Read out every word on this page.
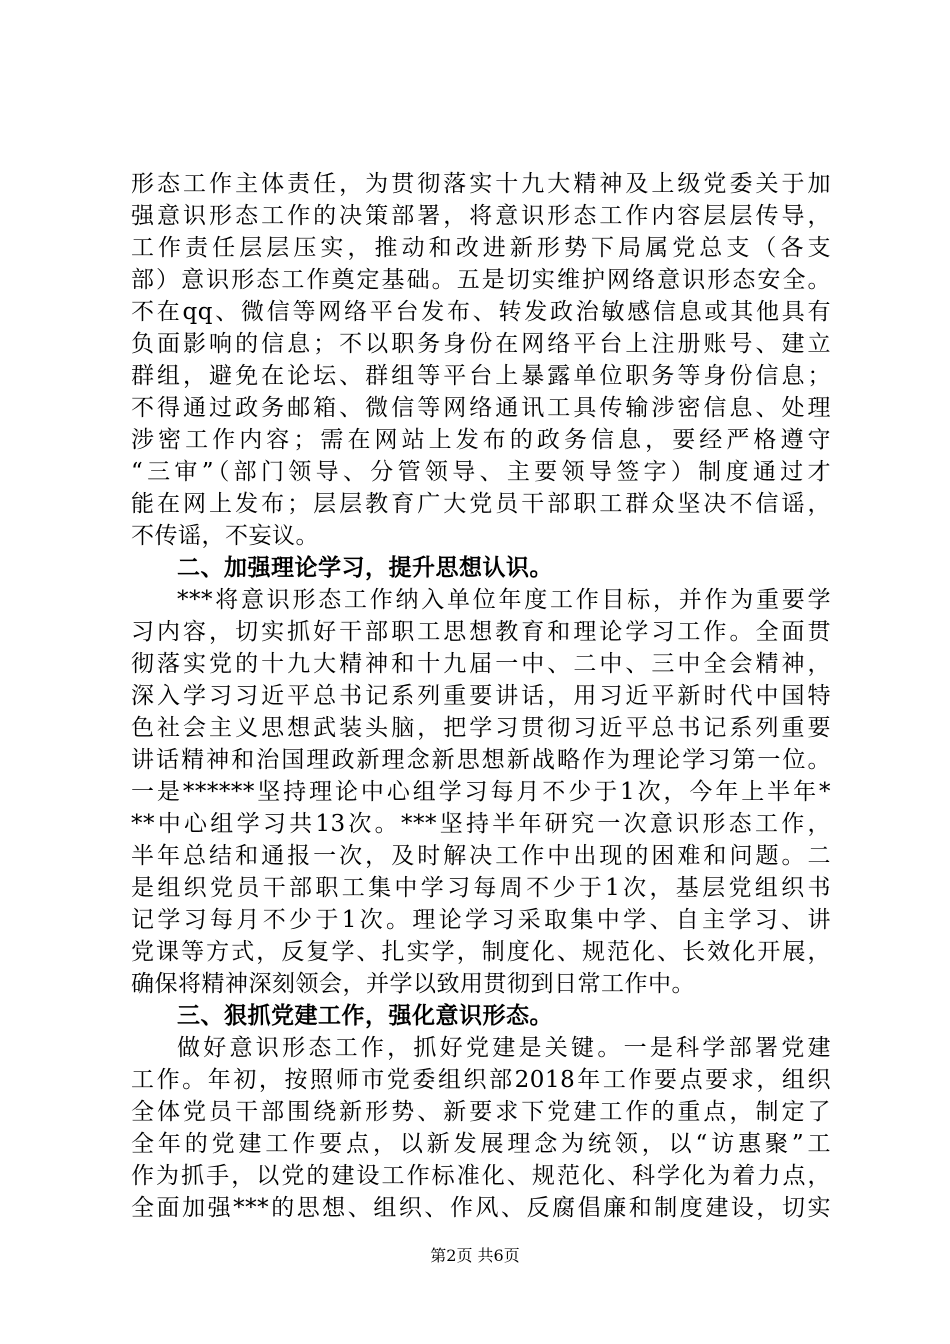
形态工作主体责任，为贯彻落实十九大精神及上级党委关于加
强意识形态工作的决策部署，将意识形态工作内容层层传导，
工作责任层层压实，推动和改进新形势下局属党总支（各支
部）意识形态工作奠定基础。五是切实维护网络意识形态安全。
不在qq、微信等网络平台发布、转发政治敏感信息或其他具有
负面影响的信息；不以职务身份在网络平台上注册账号、建立
群组，避免在论坛、群组等平台上暴露单位职务等身份信息；
不得通过政务邮箱、微信等网络通讯工具传输涉密信息、处理
涉密工作内容；需在网站上发布的政务信息，要经严格遵守
“三审”（部门领导、分管领导、主要领导签字）制度通过才
能在网上发布；层层教育广大党员干部职工群众坚决不信谣，
不传谣，不妄议。
二、加强理论学习，提升思想认识。
***将意识形态工作纳入单位年度工作目标，并作为重要学
习内容，切实抓好干部职工思想教育和理论学习工作。全面贯
彻落实党的十九大精神和十九届一中、二中、三中全会精神，
深入学习习近平总书记系列重要讲话，用习近平新时代中国特
色社会主义思想武装头脑，把学习贯彻习近平总书记系列重要
讲话精神和治国理政新理念新思想新战略作为理论学习第一位。
一是******坚持理论中心组学习每月不少于1次，今年上半年*
**中心组学习共13次。***坚持半年研究一次意识形态工作，
半年总结和通报一次，及时解决工作中出现的困难和问题。二
是组织党员干部职工集中学习每周不少于1次，基层党组织书
记学习每月不少于1次。理论学习采取集中学、自主学习、讲
党课等方式，反复学、扎实学，制度化、规范化、长效化开展，
确保将精神深刻领会，并学以致用贯彻到日常工作中。
三、狠抓党建工作，强化意识形态。
做好意识形态工作，抓好党建是关键。一是科学部署党建
工作。年初，按照师市党委组织部2018年工作要点要求，组织
全体党员干部围绕新形势、新要求下党建工作的重点，制定了
全年的党建工作要点，以新发展理念为统领，以“访惠聚”工
作为抓手，以党的建设工作标准化、规范化、科学化为着力点，
全面加强***的思想、组织、作风、反腐倡廉和制度建设，切实
第2页 共6页
